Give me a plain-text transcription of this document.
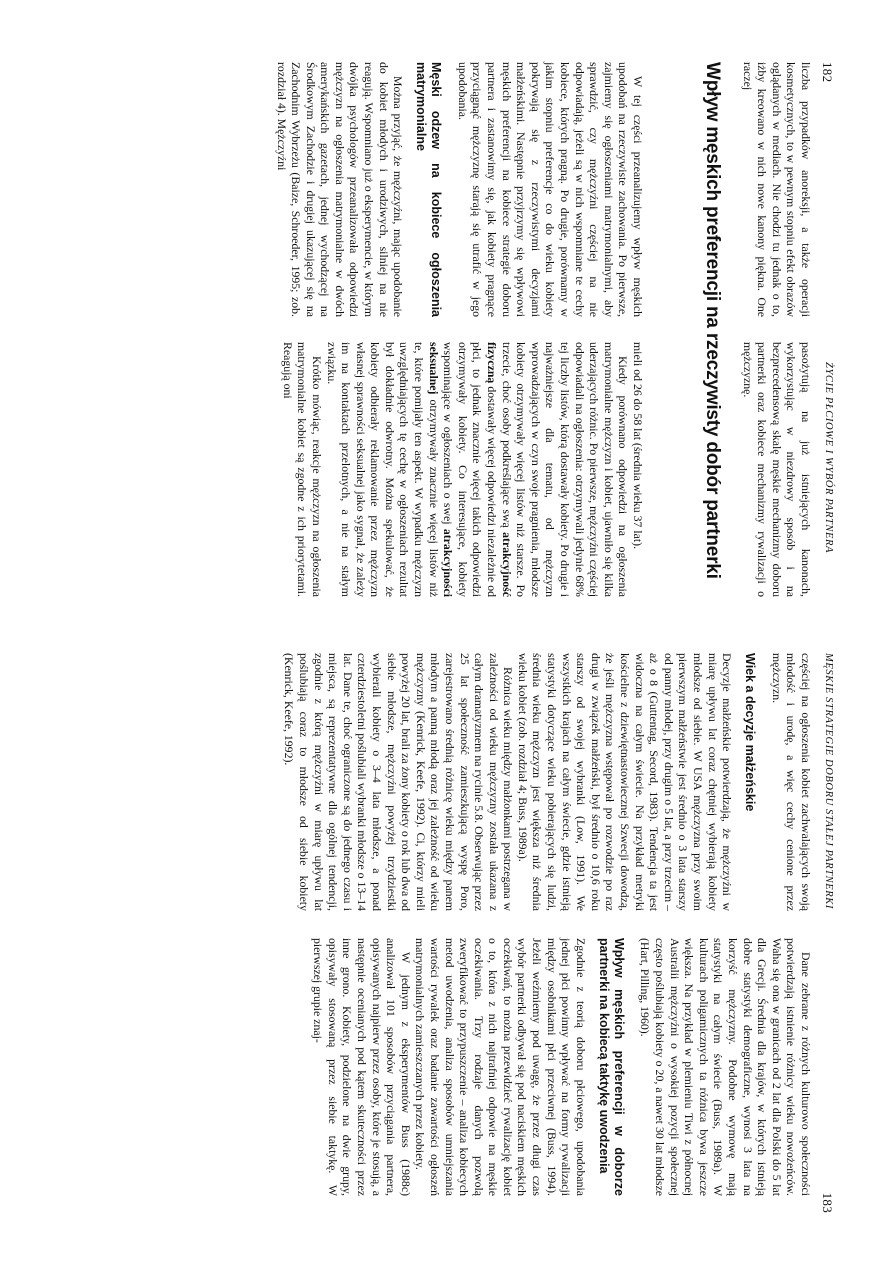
182
ŻYCIE PŁCIOWE I WYBÓR PARTNERA

liczba przypadków anoreksji, a także operacji kosmetycznych, to w pewnym stopniu efekt obrazów oglądanych w mediach. Nie chodzi tu jednak o to, iżby kreowano w nich nowe kanony piękna. One raczej

pasożytują na już istniejących kanonach, wykorzystując w niezdrowy sposób i na bezprecedensową skalę męskie mechanizmy doboru partnerki oraz kobiece mechanizmy rywalizacji o mężczyznę.

Wpływ męskich preferencji na rzeczywisty dobór partnerki

W tej części przeanalizujemy wpływ męskich upodobań na rzeczywiste zachowania. Po pierwsze, zajmiemy się ogłoszeniami matrymonialnymi, aby sprawdzić, czy mężczyźni częściej na nie odpowiadają, jeżeli są w nich wspomniane te cechy kobiece, których pragną. Po drugie, porównamy w jakim stopniu preferencje co do wieku kobiety pokrywają się z rzeczywistymi decyzjami małżeńskimi. Następnie przyjrzymy się wpływowi męskich preferencji na kobiece strategie doboru partnera i zastanowimy się, jak kobiety pragnące przyciągnąć mężczyznę starają się utrafić w jego upodobania.

Męski odzew na kobiece ogłoszenia matrymonialne

Można przyjąć, że mężczyźni, mając upodobanie do kobiet młodych i urodziwych, silniej na nie reagują. Wspomniano już o eksperymencie, w którym dwójka psychologów przeanalizowała odpowiedzi mężczyzn na ogłoszenia matrymonialne w dwóch amerykańskich gazetach, jednej wychodzącej na Środkowym Zachodzie i drugiej ukazującej się na Zachodnim Wybrzeżu (Baize, Schroeder, 1995; zob. rozdział 4). Mężczyźni

mieli od 26 do 58 lat (średnia wieku 37 lat).

Kiedy porównano odpowiedzi na ogłoszenia matrymonialne mężczyzn i kobiet, ujawniło się kilka uderzających różnic. Po pierwsze, mężczyźni częściej odpowiadali na ogłoszenia: otrzymywali jedynie 68% tej liczby listów, którą dostawały kobiety. Po drugie i najważniejsze dla tematu, od mężczyzn wprowadzających w czyn swoje pragnienia, młodsze kobiety otrzymywały więcej listów niż starsze. Po trzecie, choć osoby podkreślające swą atrakcyjność fizyczną dostawały więcej odpowiedzi niezależnie od płci, to jednak znacznie więcej takich odpowiedzi otrzymywały kobiety. Co interesujące, kobiety wspominające w ogłoszeniach o swej atrakcyjności seksualnej otrzymywały znacznie więcej listów niż te, które pomijały ten aspekt. W wypadku mężczyzn uwzględniających tę cechę w ogłoszeniach rezultat był dokładnie odwrotny. Można spekulować, że kobiety odbierały reklamowanie przez mężczyzn własnej sprawności seksualnej jako sygnał, że zależy im na kontaktach przelotnych, a nie na stałym związku.

Krótko mówiąc, reakcje mężczyzn na ogłoszenia matrymonialne kobiet są zgodne z ich priorytetami. Reagują oni

MĘSKIE STRATEGIE DOBORU STAŁEJ PARTNERKI
183

częściej na ogłoszenia kobiet zachwalających swoją młodość i urodę, a więc cechy cenione przez mężczyzn.

Wiek a decyzje małżeńskie

Decyzje małżeńskie potwierdzają, że mężczyźni w miarę upływu lat coraz chętniej wybierają kobiety młodsze od siebie. W USA mężczyzna przy swoim pierwszym małżeństwie jest średnio o 3 lata starszy od panny młodej, przy drugim o 5 lat, a przy trzecim – aż o 8 (Guttentag, Secord, 1983). Tendencja ta jest widoczna na całym świecie. Na przykład metryki kościelne z dziewiętnastowiecznej Szwecji dowodzą, że jeśli mężczyzna wstępował po rozwodzie po raz drugi w związek małżeński, był średnio o 10,6 roku starszy od swojej wybranki (Low, 1991). We wszystkich krajach na całym świecie, gdzie istnieją statystyki dotyczące wieku pobierających się ludzi, średnia wieku mężczyzn jest większa niż średnia wieku kobiet (zob. rozdział 4; Buss, 1989a).

Różnica wieku między małżonkami postrzegana w zależności od wieku mężczyzny została ukazana z całym dramatyzmem na rycinie 5.8. Obserwując przez 25 lat społeczność zamieszkującą wyspę Poro, zarejestrowano średnią różnicę wieku między panem młodym a panną młodą oraz jej zależność od wieku mężczyzny (Kenrick, Keefe, 1992). Ci, którzy mieli powyżej 20 lat, brali za żony kobiety o rok lub dwa od siebie młodsze, mężczyźni powyżej trzydziestki wybierali kobiety o 3–4 lata młodsze, a ponad czterdziestoletni poślubiali wybranki młodsze o 13–14 lat. Dane te, choć ograniczone są do jednego czasu i miejsca, są reprezentatywne dla ogólnej tendencji, zgodnie z którą mężczyźni w miarę upływu lat poślubiają coraz to młodsze od siebie kobiety (Kenrick, Keefe, 1992).

Dane zebrane z różnych kulturowo społeczności potwierdzają istnienie różnicy wieku nowożeńców. Waha się ona w granicach od 2 lat dla Polski do 5 lat dla Grecji. Średnia dla krajów, w których istnieją dobre statystyki demograficzne, wynosi 3 lata na korzyść mężczyzny. Podobne wymowę mają statystyki na całym świecie (Buss, 1989a). W kulturach poligamicznych ta różnica bywa jeszcze większa. Na przykład w plemieniu Tiwi z północnej Australii mężczyźni o wysokiej pozycji społecznej często poślubiają kobiety o 20, a nawet 30 lat młodsze (Hart, Pilling, 1960).

Wpływ męskich preferencji w doborze partnerki na kobiecą taktykę uwodzenia

Zgodnie z teorią doboru płciowego, upodobania jednej płci powinny wpływać na formy rywalizacji między osobnikami płci przeciwnej (Buss, 1994). Jeżeli weźmiemy pod uwagę, że przez długi czas wybór partnerki odbywał się pod naciskiem męskich oczekiwań, to można przewidzieć rywalizację kobiet o to, która z nich najtrafniej odpowie na męskie oczekiwania. Trzy rodzaje danych pozwolą zweryfikować to przypuszczenie – analiza kobiecych metod uwodzenia, analiza sposobów umniejszania wartości rywalek oraz badanie zawartości ogłoszeń matrymonialnych zamieszczanych przez kobiety.

W jednym z eksperymentów Buss (1988c) analizował 101 sposobów przyciągania partnera, opisywanych najpierw przez osoby, które je stosują, a następnie ocenianych pod kątem skuteczności przez inne grono. Kobiety, podzielone na dwie grupy, opisywały stosowaną przez siebie taktykę. W pierwszej grupie znaj-
